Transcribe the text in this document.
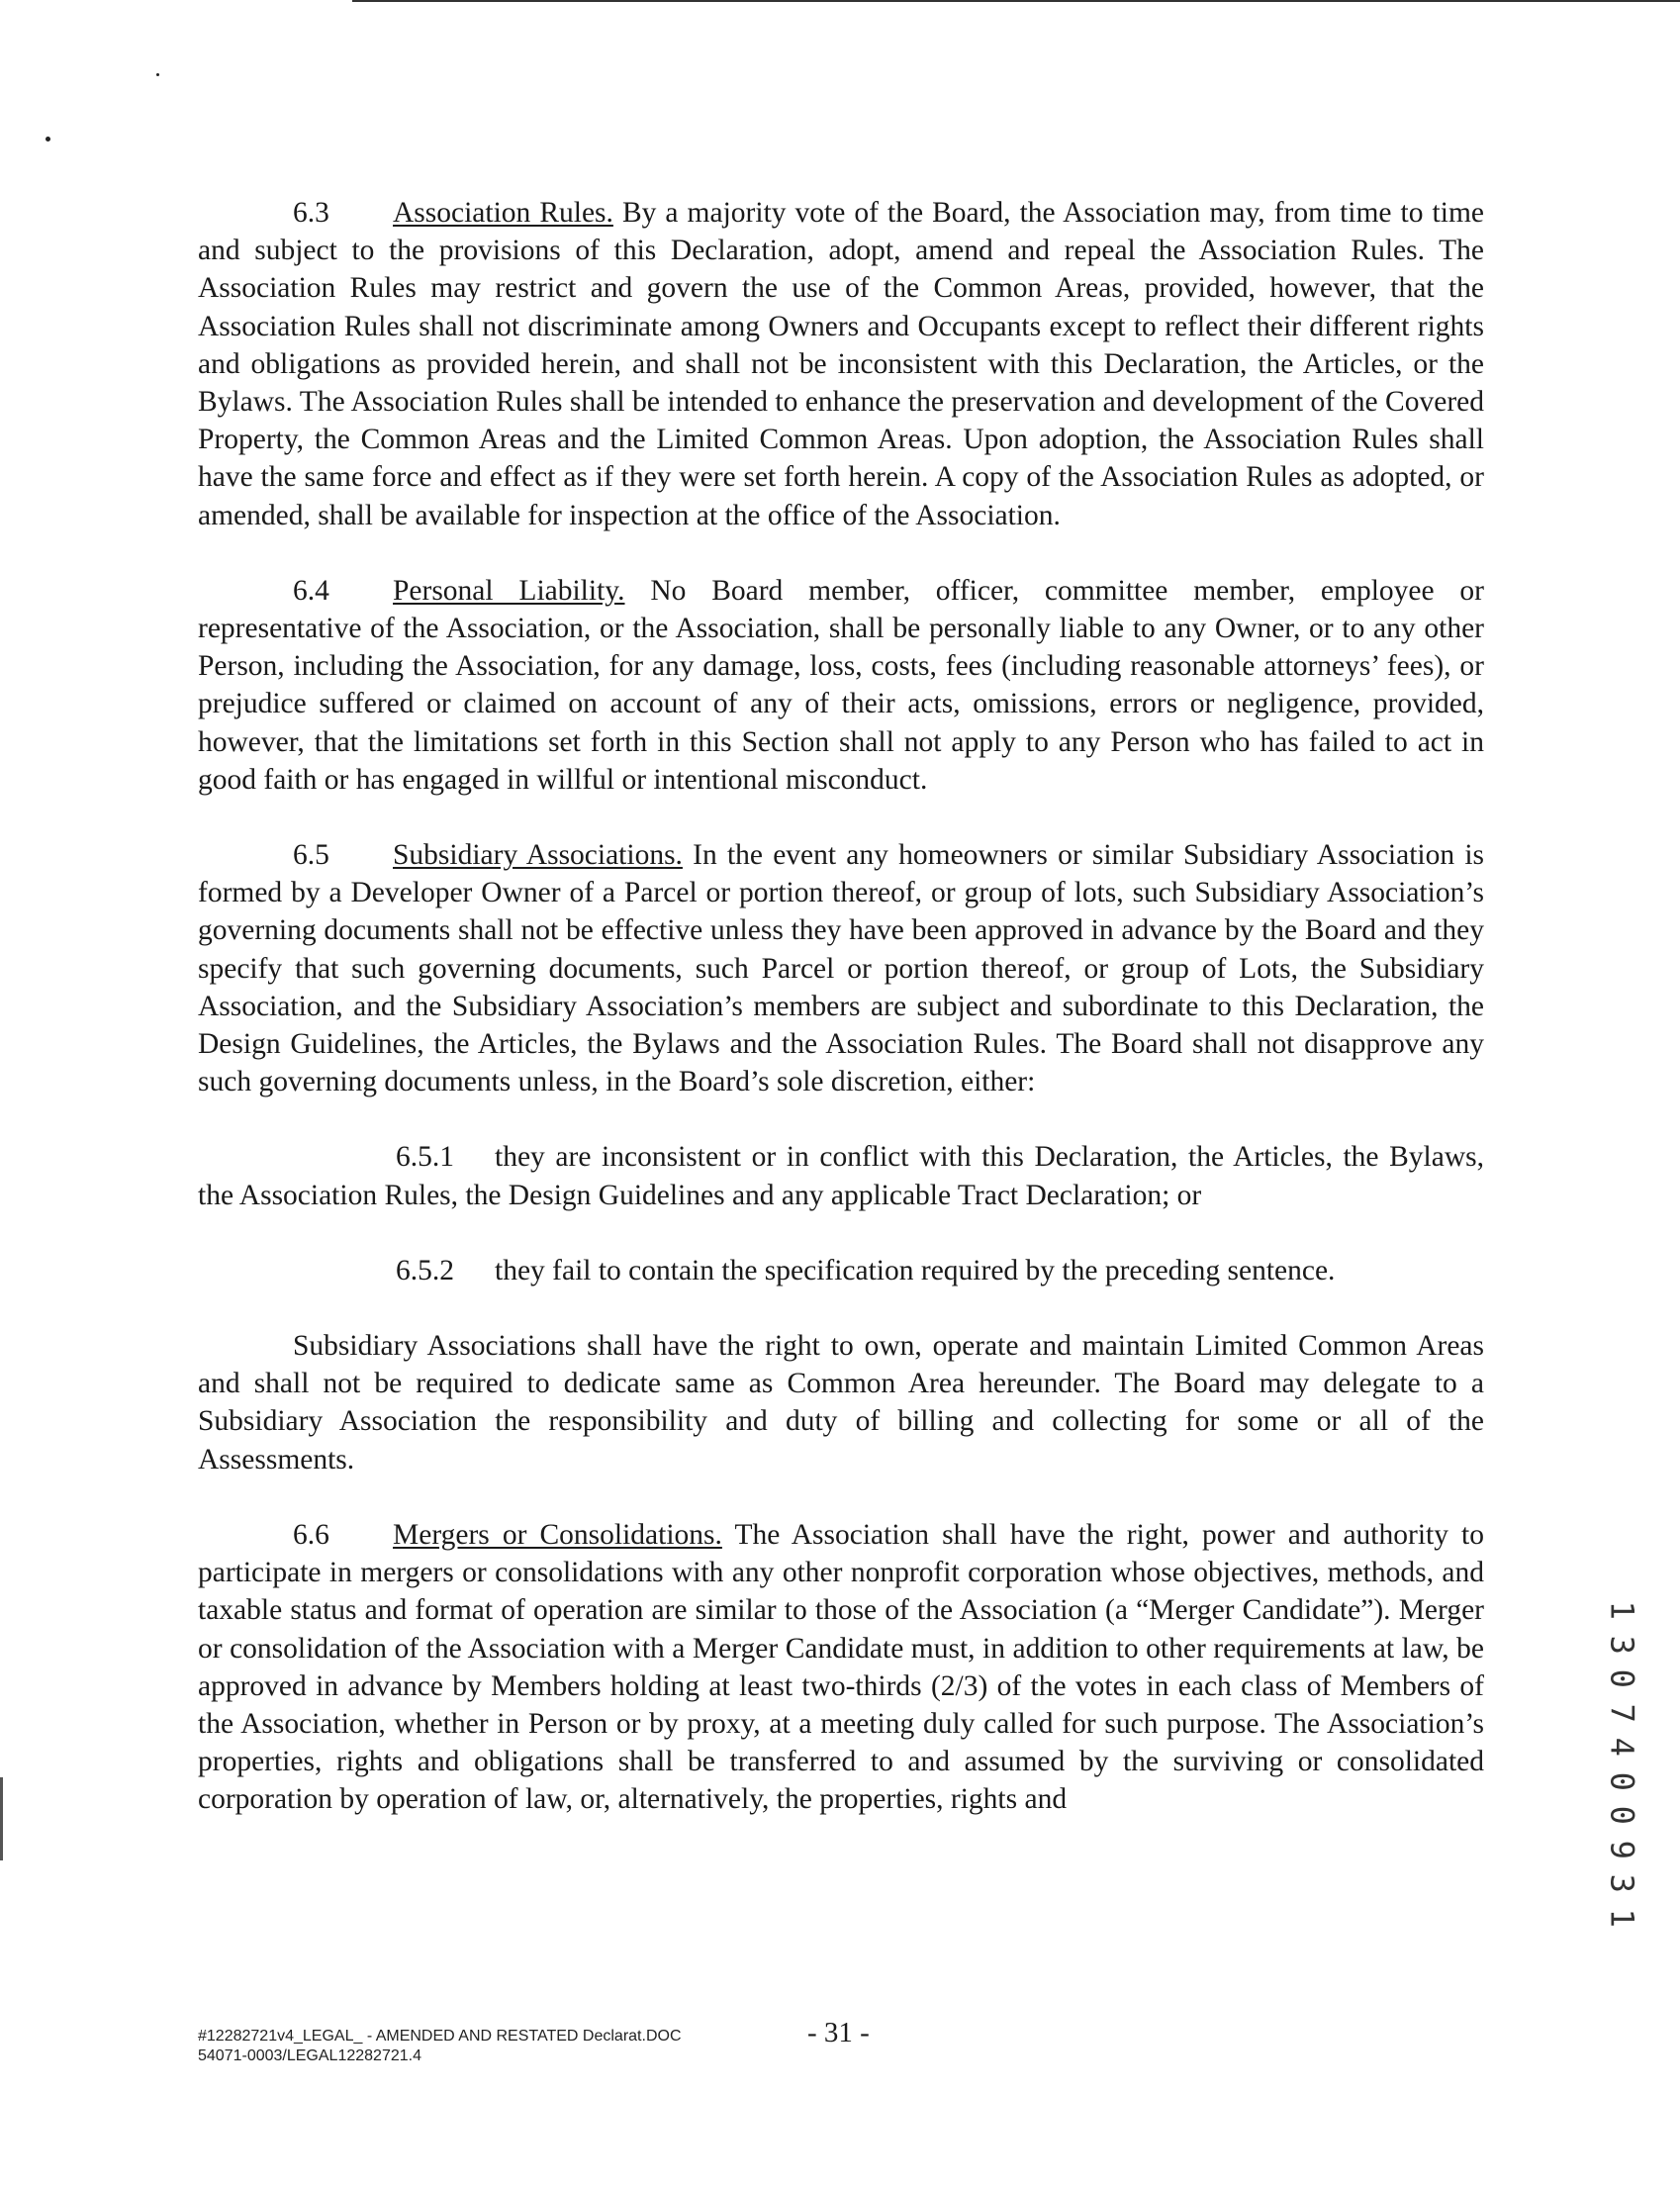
6.3 Association Rules. By a majority vote of the Board, the Association may, from time to time and subject to the provisions of this Declaration, adopt, amend and repeal the Association Rules. The Association Rules may restrict and govern the use of the Common Areas, provided, however, that the Association Rules shall not discriminate among Owners and Occupants except to reflect their different rights and obligations as provided herein, and shall not be inconsistent with this Declaration, the Articles, or the Bylaws. The Association Rules shall be intended to enhance the preservation and development of the Covered Property, the Common Areas and the Limited Common Areas. Upon adoption, the Association Rules shall have the same force and effect as if they were set forth herein. A copy of the Association Rules as adopted, or amended, shall be available for inspection at the office of the Association.

6.4 Personal Liability. No Board member, officer, committee member, employee or representative of the Association, or the Association, shall be personally liable to any Owner, or to any other Person, including the Association, for any damage, loss, costs, fees (including reasonable attorneys’ fees), or prejudice suffered or claimed on account of any of their acts, omissions, errors or negligence, provided, however, that the limitations set forth in this Section shall not apply to any Person who has failed to act in good faith or has engaged in willful or intentional misconduct.

6.5 Subsidiary Associations. In the event any homeowners or similar Subsidiary Association is formed by a Developer Owner of a Parcel or portion thereof, or group of lots, such Subsidiary Association’s governing documents shall not be effective unless they have been approved in advance by the Board and they specify that such governing documents, such Parcel or portion thereof, or group of Lots, the Subsidiary Association, and the Subsidiary Association’s members are subject and subordinate to this Declaration, the Design Guidelines, the Articles, the Bylaws and the Association Rules. The Board shall not disapprove any such governing documents unless, in the Board’s sole discretion, either:

6.5.1 they are inconsistent or in conflict with this Declaration, the Articles, the Bylaws, the Association Rules, the Design Guidelines and any applicable Tract Declaration; or

6.5.2 they fail to contain the specification required by the preceding sentence.

Subsidiary Associations shall have the right to own, operate and maintain Limited Common Areas and shall not be required to dedicate same as Common Area hereunder. The Board may delegate to a Subsidiary Association the responsibility and duty of billing and collecting for some or all of the Assessments.

6.6 Mergers or Consolidations. The Association shall have the right, power and authority to participate in mergers or consolidations with any other nonprofit corporation whose objectives, methods, and taxable status and format of operation are similar to those of the Association (a “Merger Candidate”). Merger or consolidation of the Association with a Merger Candidate must, in addition to other requirements at law, be approved in advance by Members holding at least two-thirds (2/3) of the votes in each class of Members of the Association, whether in Person or by proxy, at a meeting duly called for such purpose. The Association’s properties, rights and obligations shall be transferred to and assumed by the surviving or consolidated corporation by operation of law, or, alternatively, the properties, rights and

#12282721v4_LEGAL_ - AMENDED AND RESTATED Declarat.DOC
54071-0003/LEGAL12282721.4
- 31 -
1
3
0
7
4
0
0
9
3
1
